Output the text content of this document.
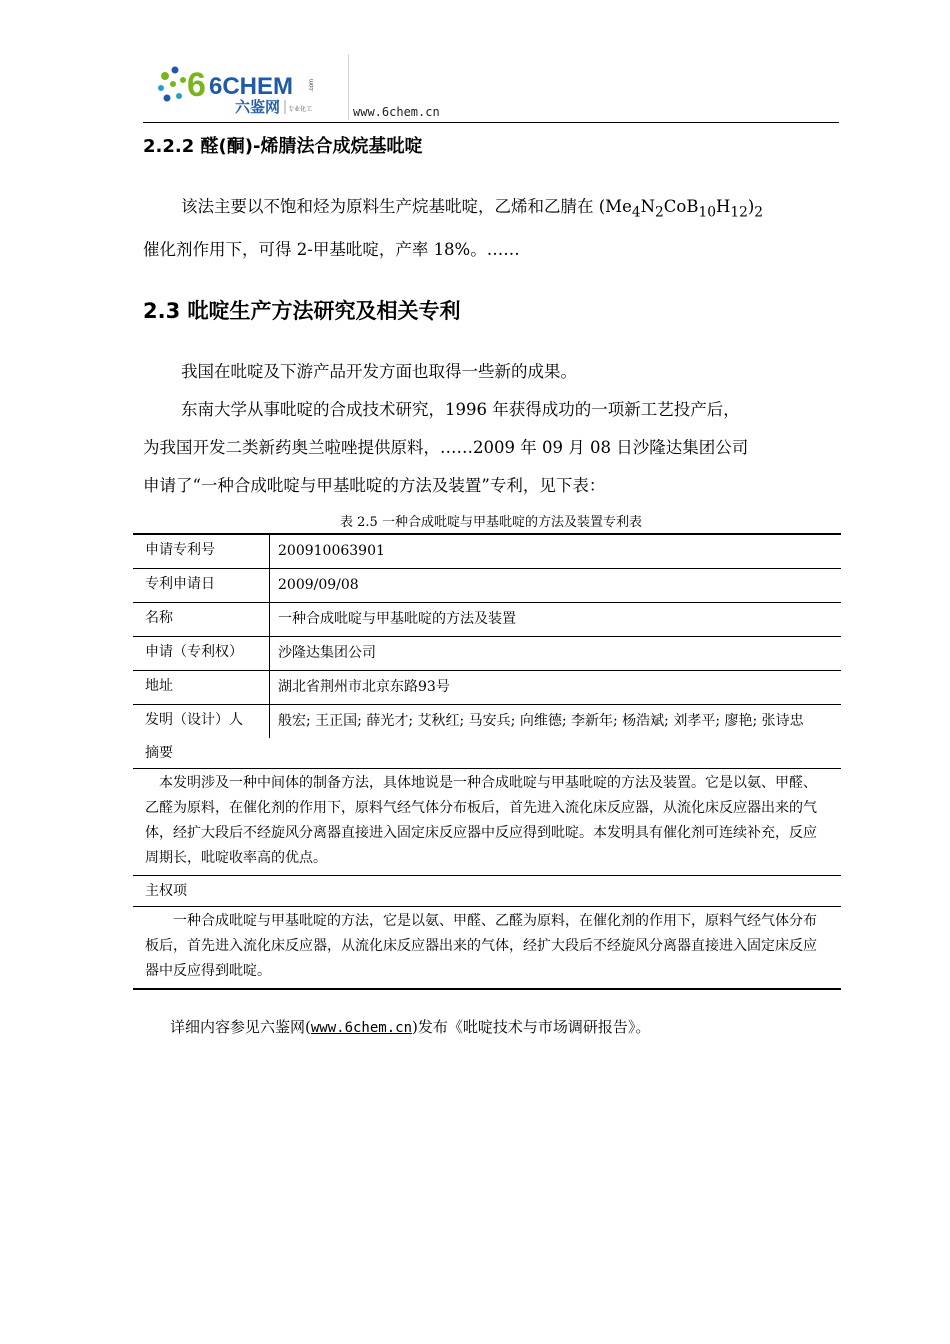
6 6CHEM	.com
六鉴网 专业化工	www.6chem.cn
2.2.2 醛(酮)-烯腈法合成烷基吡啶
该法主要以不饱和烃为原料生产烷基吡啶，乙烯和乙腈在 $(Me_4N_2CoB_{10}H_{12})_2$
催化剂作用下，可得 2-甲基吡啶，产率 18%。……
2.3 吡啶生产方法研究及相关专利
我国在吡啶及下游产品开发方面也取得一些新的成果。
东南大学从事吡啶的合成技术研究，1996 年获得成功的一项新工艺投产后，
为我国开发二类新药奥兰啦唑提供原料，……2009 年 09 月 08 日沙隆达集团公司
申请了“一种合成吡啶与甲基吡啶的方法及装置”专利，见下表：
表 2.5 一种合成吡啶与甲基吡啶的方法及装置专利表
申请专利号	200910063901
专利申请日	2009/09/08
名称	一种合成吡啶与甲基吡啶的方法及装置
申请（专利权）	沙隆达集团公司
地址	湖北省荆州市北京东路93号
发明（设计）人	般宏; 王正国; 薛光才; 艾秋红; 马安兵; 向维德; 李新年; 杨浩斌; 刘孝平; 廖艳; 张诗忠
摘要
本发明涉及一种中间体的制备方法，具体地说是一种合成吡啶与甲基吡啶的方法及装置。它是以氨、甲醛、乙醛为原料，在催化剂的作用下，原料气经气体分布板后，首先进入流化床反应器，从流化床反应器出来的气体，经扩大段后不经旋风分离器直接进入固定床反应器中反应得到吡啶。本发明具有催化剂可连续补充，反应周期长，吡啶收率高的优点。
主权项
一种合成吡啶与甲基吡啶的方法，它是以氨、甲醛、乙醛为原料，在催化剂的作用下，原料气经气体分布板后，首先进入流化床反应器，从流化床反应器出来的气体，经扩大段后不经旋风分离器直接进入固定床反应器中反应得到吡啶。
详细内容参见六鉴网(www.6chem.cn)发布《吡啶技术与市场调研报告》。
